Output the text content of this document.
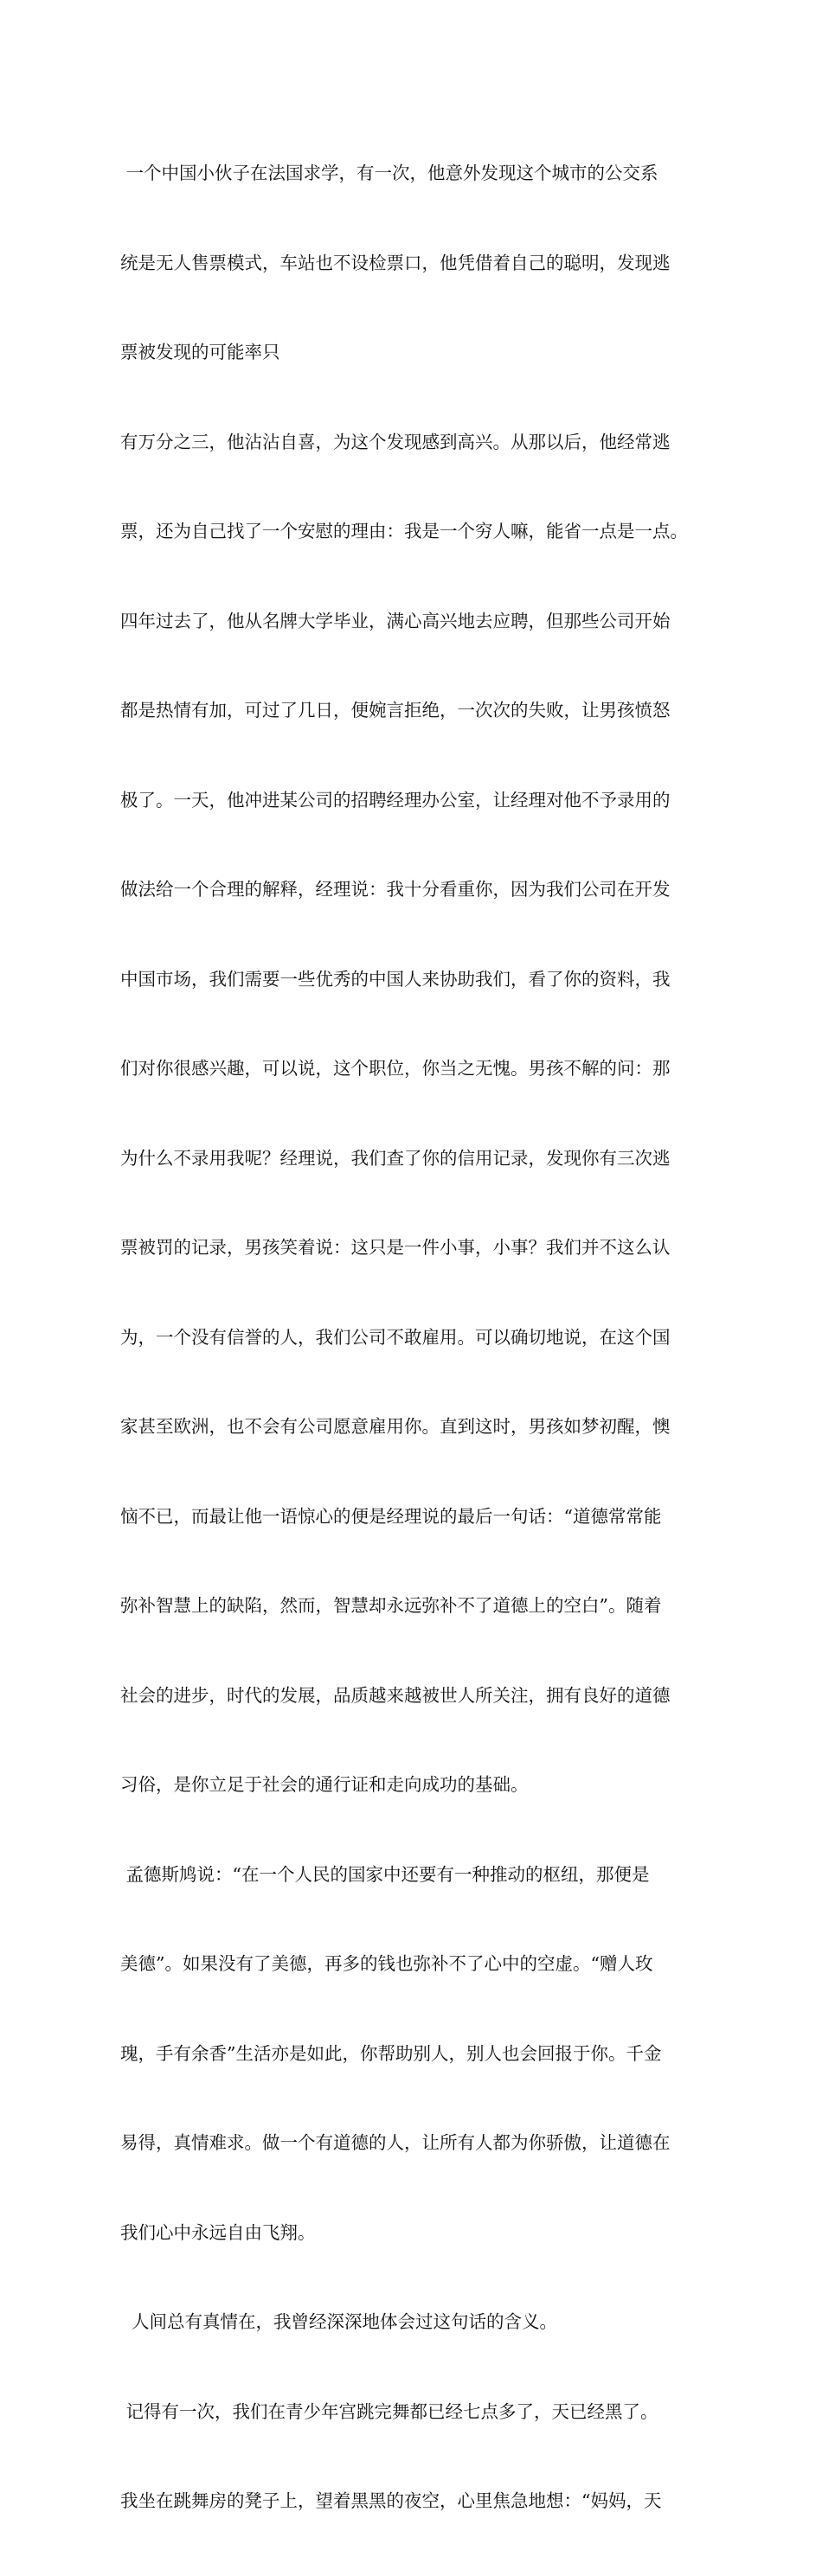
一个中国小伙子在法国求学，有一次，他意外发现这个城市的公交系

统是无人售票模式，车站也不设检票口，他凭借着自己的聪明，发现逃

票被发现的可能率只

有万分之三，他沾沾自喜，为这个发现感到高兴。从那以后，他经常逃

票，还为自己找了一个安慰的理由：我是一个穷人嘛，能省一点是一点。

四年过去了，他从名牌大学毕业，满心高兴地去应聘，但那些公司开始

都是热情有加，可过了几日，便婉言拒绝，一次次的失败，让男孩愤怒

极了。一天，他冲进某公司的招聘经理办公室，让经理对他不予录用的

做法给一个合理的解释，经理说：我十分看重你，因为我们公司在开发

中国市场，我们需要一些优秀的中国人来协助我们，看了你的资料，我

们对你很感兴趣，可以说，这个职位，你当之无愧。男孩不解的问：那

为什么不录用我呢？经理说，我们查了你的信用记录，发现你有三次逃

票被罚的记录，男孩笑着说：这只是一件小事，小事？我们并不这么认

为，一个没有信誉的人，我们公司不敢雇用。可以确切地说，在这个国

家甚至欧洲，也不会有公司愿意雇用你。直到这时，男孩如梦初醒，懊

恼不已，而最让他一语惊心的便是经理说的最后一句话：“道德常常能

弥补智慧上的缺陷，然而，智慧却永远弥补不了道德上的空白”。随着

社会的进步，时代的发展，品质越来越被世人所关注，拥有良好的道德

习俗，是你立足于社会的通行证和走向成功的基础。

孟德斯鸠说：“在一个人民的国家中还要有一种推动的枢纽，那便是

美德”。如果没有了美德，再多的钱也弥补不了心中的空虚。“赠人玫

瑰，手有余香”生活亦是如此，你帮助别人，别人也会回报于你。千金

易得，真情难求。做一个有道德的人，让所有人都为你骄傲，让道德在

我们心中永远自由飞翔。

人间总有真情在，我曾经深深地体会过这句话的含义。

记得有一次，我们在青少年宫跳完舞都已经七点多了，天已经黑了。

我坐在跳舞房的凳子上，望着黑黑的夜空，心里焦急地想：“妈妈，天
